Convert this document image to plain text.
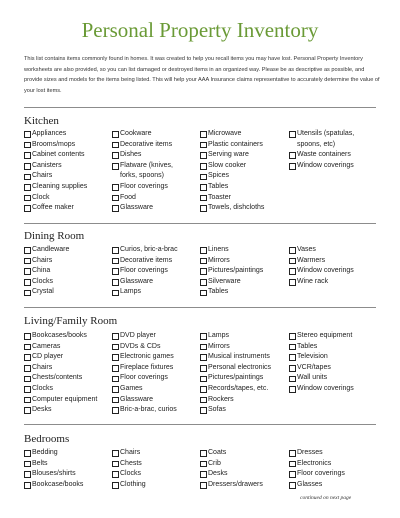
Personal Property Inventory
This list contains items commonly found in homes. It was created to help you recall items you may have lost. Personal Property Inventory worksheets are also provided, so you can list damaged or destroyed items in an organized way. Please be as descriptive as possible, and provide sizes and models for the items being listed. This will help your AAA Insurance claims representative to accurately determine the value of your lost items.
Kitchen
Appliances
Brooms/mops
Cabinet contents
Canisters
Chairs
Cleaning supplies
Clock
Coffee maker
Cookware
Decorative items
Dishes
Flatware (knives, forks, spoons)
Floor coverings
Food
Glassware
Microwave
Plastic containers
Serving ware
Slow cooker
Spices
Tables
Toaster
Towels, dishcloths
Utensils (spatulas, spoons, etc)
Waste containers
Window coverings
Dining Room
Candleware
Chairs
China
Clocks
Crystal
Curios, bric-a-brac
Decorative items
Floor coverings
Glassware
Lamps
Linens
Mirrors
Pictures/paintings
Silverware
Tables
Vases
Warmers
Window coverings
Wine rack
Living/Family Room
Bookcases/books
Cameras
CD player
Chairs
Chests/contents
Clocks
Computer equipment
Desks
DVD player
DVDs & CDs
Electronic games
Fireplace fixtures
Floor coverings
Games
Glassware
Bric-a-brac, curios
Lamps
Mirrors
Musical instruments
Personal electronics
Pictures/paintings
Records/tapes, etc.
Rockers
Sofas
Stereo equipment
Tables
Television
VCR/tapes
Wall units
Window coverings
Bedrooms
Bedding
Belts
Blouses/shirts
Bookcase/books
Chairs
Chests
Clocks
Clothing
Coats
Crib
Desks
Dressers/drawers
Dresses
Electronics
Floor coverings
Glasses
continued on next page
